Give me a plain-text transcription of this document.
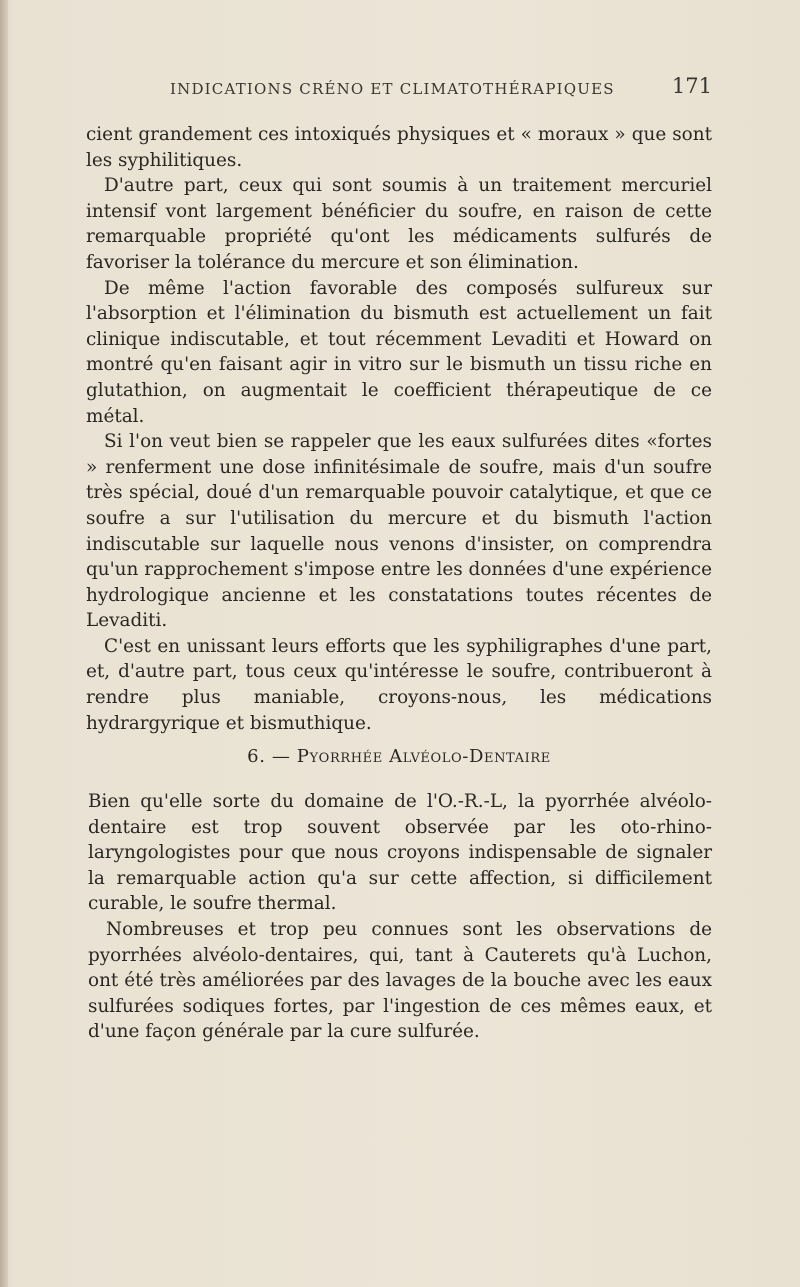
INDICATIONS CRÉNO ET CLIMATOTHÉRAPIQUES	171

cient grandement ces intoxiqués physiques et « moraux » que sont les syphilitiques.

D'autre part, ceux qui sont soumis à un traitement mercuriel intensif vont largement bénéficier du soufre, en raison de cette remarquable propriété qu'ont les médicaments sulfurés de favoriser la tolérance du mercure et son élimination.

De même l'action favorable des composés sulfureux sur l'absorption et l'élimination du bismuth est actuellement un fait clinique indiscutable, et tout récemment Levaditi et Howard on montré qu'en faisant agir in vitro sur le bismuth un tissu riche en glutathion, on augmentait le coefficient thérapeutique de ce métal.

Si l'on veut bien se rappeler que les eaux sulfurées dites «fortes » renferment une dose infinitésimale de soufre, mais d'un soufre très spécial, doué d'un remarquable pouvoir catalytique, et que ce soufre a sur l'utilisation du mercure et du bismuth l'action indiscutable sur laquelle nous venons d'insister, on comprendra qu'un rapprochement s'impose entre les données d'une expérience hydrologique ancienne et les constatations toutes récentes de Levaditi.

C'est en unissant leurs efforts que les syphiligraphes d'une part, et, d'autre part, tous ceux qu'intéresse le soufre, contribueront à rendre plus maniable, croyons-nous, les médications hydrargyrique et bismuthique.

6. — Pyorrhée Alvéolo-Dentaire

Bien qu'elle sorte du domaine de l'O.-R.-L, la pyorrhée alvéolo-dentaire est trop souvent observée par les oto-rhino-laryngologistes pour que nous croyons indispensable de signaler la remarquable action qu'a sur cette affection, si difficilement curable, le soufre thermal.

Nombreuses et trop peu connues sont les observations de pyorrhées alvéolo-dentaires, qui, tant à Cauterets qu'à Luchon, ont été très améliorées par des lavages de la bouche avec les eaux sulfurées sodiques fortes, par l'ingestion de ces mêmes eaux, et d'une façon générale par la cure sulfurée.
